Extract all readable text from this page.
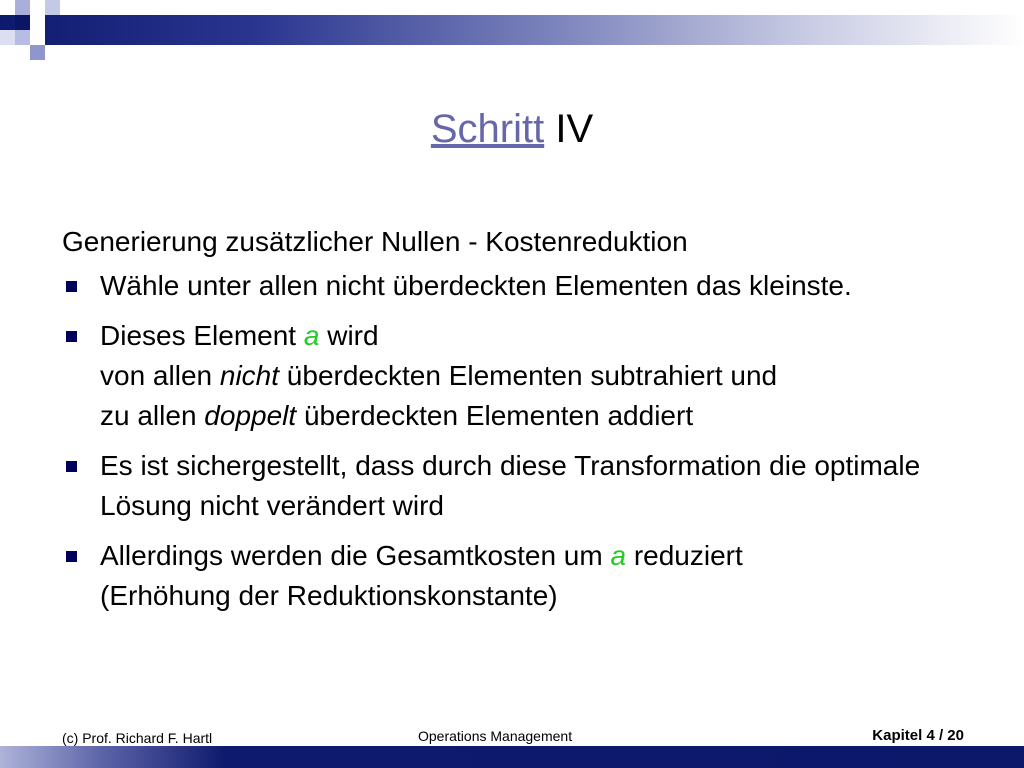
Schritt IV
Generierung zusätzlicher Nullen - Kostenreduktion
Wähle unter allen nicht überdeckten Elementen das kleinste.
Dieses Element a wird
von allen nicht überdeckten Elementen subtrahiert und
zu allen doppelt überdeckten Elementen addiert
Es ist sichergestellt, dass durch diese Transformation die optimale Lösung nicht verändert wird
Allerdings werden die Gesamtkosten um a reduziert
(Erhöhung der Reduktionskonstante)
(c) Prof. Richard F. Hartl	Operations Management	Kapitel 4 / 20
